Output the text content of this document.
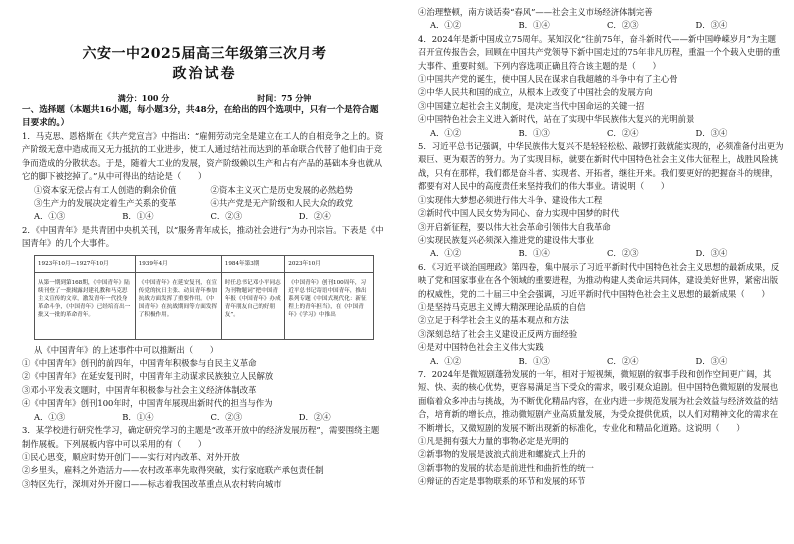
六安一中2025届高三年级第三次月考
政治试卷
满分：100 分	时间：75 分钟
一、选择题（本题共16小题，每小题3分，共48分，在给出的四个选项中，只有一个是符合题目要求的。）

1．马克思、恩格斯在《共产党宣言》中指出：“雇佣劳动完全是建立在工人的自相竞争之上的。资产阶级无意中造成而又无力抵抗的工业进步，使工人通过结社而达到的革命联合代替了他们由于竞争而造成的分散状态。于是，随着大工业的发展，资产阶级赖以生产和占有产品的基础本身也就从它的脚下被挖掉了。”从中可得出的结论是（　　）

①资本家无偿占有工人创造的剩余价值	②资本主义灭亡是历史发展的必然趋势
③生产力的发展决定着生产关系的变革	④共产党是无产阶级和人民大众的政党
A．①③	B．①④	C．②③	D．②④

2．《中国青年》是共青团中央机关刊，以“服务青年成长，推动社会进行”为办刊宗旨。下表是《中国青年》的几个大事件。

1923年10月—1927年10月	1939年4月	1984年第3期	2023年10月
从第一期到第168期，《中国青年》陆续刊登了一批揭露封建礼教和马克思主义宣传的文章，激发青年一代投身革命斗争，《中国青年》已经培育出一批又一批的革命青年。	《中国青年》在延安复刊，在宣传党的抗日主张、动员青年参加抗战方面发挥了重要作用。《中国青年》在抗战期间等方面发挥了积极作用。	时任总书记邓小平同志为刊物题词“把中国青年报《中国青年》办成青年朋友自己的好朋友”。	《中国青年》创刊100周年，习近平总书记寄语中国青年，推出系列专题《中国式现代化：新征程上的青年担当》，在《中国青年》《学习》中推出

从《中国青年》的上述事件中可以推断出（　　）

①《中国青年》创刊的前四年，中国青年积极参与自民主义革命

②《中国青年》在延安复刊时，中国青年主动谋求民族独立人民解放

③邓小平发表文题时，中国青年积极参与社会主义经济体制改革

④《中国青年》创刊100年时，中国青年展现出新时代的担当与作为

A．①③	B．①④	C．②③	D．②④

3．某学校进行研究性学习，确定研究学习的主题是“改革开放中的经济发展历程”，需要围绕主题制作展板。下列展板内容中可以采用的有（　　）

①民心思变，顺应时势开创门——实行对内改革、对外开放

②乡里头，雇料之外造活力——农村改革率先取得突破，实行家庭联产承包责任制

③特区先行，深圳对外开窗口——标志着我国改革重点从农村转向城市

④治理整顿，南方谈话奏“春风”——社会主义市场经济体制完善

A．①②	B．①④	C．②③	D．③④

4．2024年是新中国成立75周年。某知汉化“往前75年，奋斗新时代——新中国峥嵘岁月”为主题召开宣传报告会，回顾在中国共产党领导下新中国走过的75年非凡历程，重温一个个载入史册的重大事件、重要时刻。下列内容选项正确且符合该主题的是（　　）

①中国共产党的诞生，使中国人民在谋求自我超越的斗争中有了主心骨

②中华人民共和国的成立，从根本上改变了中国社会的发展方向

③中国建立起社会主义制度，是决定当代中国命运的关键一招

④中国特色社会主义进入新时代，站在了实现中华民族伟大复兴的光明前景

A．①②	B．①③	C．②④	D．③④

5．习近平总书记强调，中华民族伟大复兴不是轻轻松松、敲锣打鼓就能实现的，必须准备付出更为艰巨、更为艰苦的努力。为了实现目标，就要在新时代中国特色社会主义伟大征程上，战胜风险挑战，只有在那样，我们都是奋斗者、实现者、开拓者，继往开来。我们要更好的把握奋斗的规律，都要有对人民中的高度责任来坚持我们的伟大事业。请说明（　　）

①实现伟大梦想必须进行伟大斗争、建设伟大工程

②新时代中国人民女势为同心、奋力实现中国梦的时代

③开启新征程，要以伟大社会革命引领伟大自我革命

④实现民族复兴必须深入推进党的建设伟大事业

A．①②	B．①④	C．②③	D．③④

6．《习近平谈治国理政》第四卷，集中展示了习近平新时代中国特色社会主义思想的最新成果，反映了党和国家事业在各个领域的重要进程，为推动构建人类命运共同体，建设美好世界，紧密出版的权威性，党的二十届三中全会强调，习近平新时代中国特色社会主义思想的最新成果（　　）

①是坚持马克思主义博大精深理论品质的自信

②立足于科学社会主义的基本观点和方法

③深刻总结了社会主义建设正反两方面经验

④是对中国特色社会主义伟大实践

A．①②	B．①③	C．②④	D．③④

7．2024年是微短剧蓬勃发展的一年，相对于短视频，微短剧的叙事手段和创作空间更广阔，其短、快、卖的核心优势，更容易满足当下受众的需求，吸引观众追剧。但中国特色微短剧的发展也面临着众多冲击与挑战，为不断优化精品内容，在业内进一步规范发展为社会效益与经济效益的结合，培育新的增长点，推动微短剧产业高质量发展，为受众提供优质，以人们对精神文化的需求在不断增长，又微短剧的发展不断出现新的标准化，专业化和精品化道路。这说明（　　）

①凡是拥有强大力量的事物必定是光明的

②新事物的发展是波浪式前进和螺旋式上升的

③新事物的发展的状态是前进性和曲折性的统一

④辩证的否定是事物联系的环节和发展的环节
